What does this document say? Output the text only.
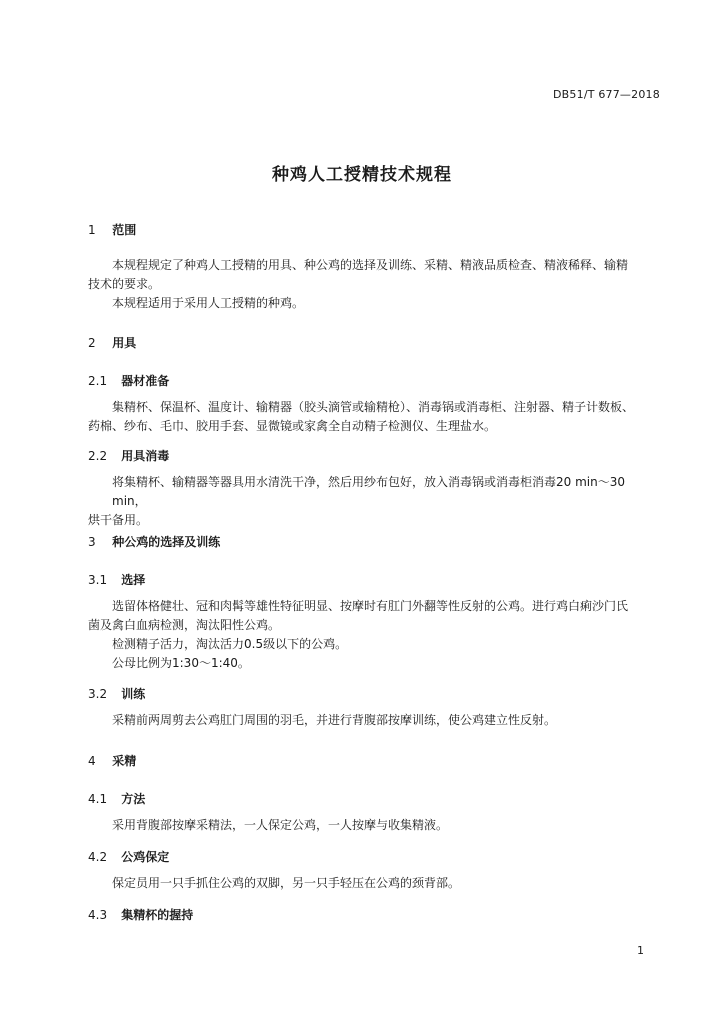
DB51/T 677—2018
种鸡人工授精技术规程
1 范围
本规程规定了种鸡人工授精的用具、种公鸡的选择及训练、采精、精液品质检查、精液稀释、输精
技术的要求。
本规程适用于采用人工授精的种鸡。
2 用具
2.1 器材准备
集精杯、保温杯、温度计、输精器（胶头滴管或输精枪）、消毒锅或消毒柜、注射器、精子计数板、
药棉、纱布、毛巾、胶用手套、显微镜或家禽全自动精子检测仪、生理盐水。
2.2 用具消毒
将集精杯、输精器等器具用水清洗干净，然后用纱布包好，放入消毒锅或消毒柜消毒20 min～30 min，
烘干备用。
3 种公鸡的选择及训练
3.1 选择
选留体格健壮、冠和肉髯等雄性特征明显、按摩时有肛门外翻等性反射的公鸡。进行鸡白痢沙门氏
菌及禽白血病检测，淘汰阳性公鸡。
检测精子活力，淘汰活力0.5级以下的公鸡。
公母比例为1:30～1:40。
3.2 训练
采精前两周剪去公鸡肛门周围的羽毛，并进行背腹部按摩训练，使公鸡建立性反射。
4 采精
4.1 方法
采用背腹部按摩采精法，一人保定公鸡，一人按摩与收集精液。
4.2 公鸡保定
保定员用一只手抓住公鸡的双脚，另一只手轻压在公鸡的颈背部。
4.3 集精杯的握持
1
